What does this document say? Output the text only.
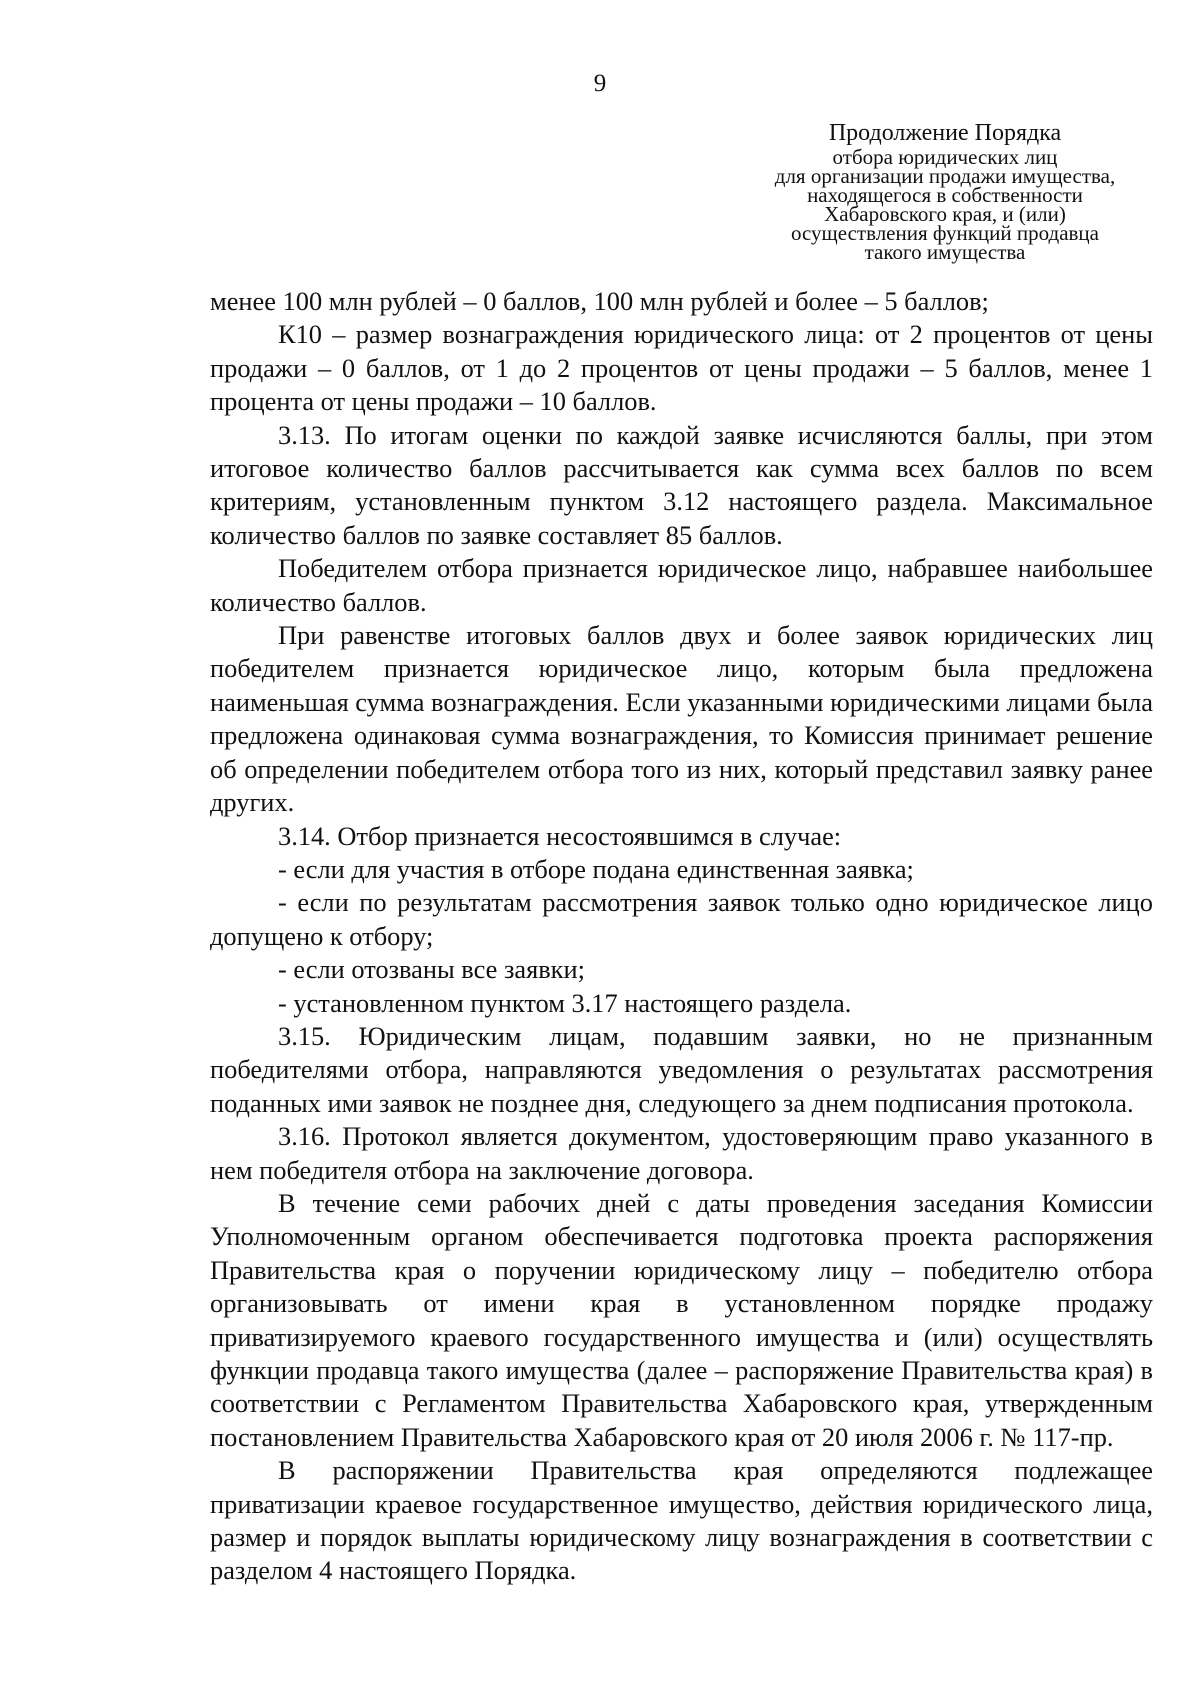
9
Продолжение Порядка
отбора юридических лиц
для организации продажи имущества,
находящегося в собственности
Хабаровского края, и (или)
осуществления функций продавца
такого имущества

менее 100 млн рублей – 0 баллов, 100 млн рублей и более – 5 баллов;

К10 – размер вознаграждения юридического лица: от 2 процентов от цены продажи – 0 баллов, от 1 до 2 процентов от цены продажи – 5 баллов, менее 1 процента от цены продажи – 10 баллов.

3.13. По итогам оценки по каждой заявке исчисляются баллы, при этом итоговое количество баллов рассчитывается как сумма всех баллов по всем критериям, установленным пунктом 3.12 настоящего раздела. Максимальное количество баллов по заявке составляет 85 баллов.

Победителем отбора признается юридическое лицо, набравшее наибольшее количество баллов.

При равенстве итоговых баллов двух и более заявок юридических лиц победителем признается юридическое лицо, которым была предложена наименьшая сумма вознаграждения. Если указанными юридическими лицами была предложена одинаковая сумма вознаграждения, то Комиссия принимает решение об определении победителем отбора того из них, который представил заявку ранее других.

3.14. Отбор признается несостоявшимся в случае:

- если для участия в отборе подана единственная заявка;

- если по результатам рассмотрения заявок только одно юридическое лицо допущено к отбору;

- если отозваны все заявки;

- установленном пунктом 3.17 настоящего раздела.

3.15. Юридическим лицам, подавшим заявки, но не признанным победителями отбора, направляются уведомления о результатах рассмотрения поданных ими заявок не позднее дня, следующего за днем подписания протокола.

3.16. Протокол является документом, удостоверяющим право указанного в нем победителя отбора на заключение договора.

В течение семи рабочих дней с даты проведения заседания Комиссии Уполномоченным органом обеспечивается подготовка проекта распоряжения Правительства края о поручении юридическому лицу – победителю отбора организовывать от имени края в установленном порядке продажу приватизируемого краевого государственного имущества и (или) осуществлять функции продавца такого имущества (далее – распоряжение Правительства края) в соответствии с Регламентом Правительства Хабаровского края, утвержденным постановлением Правительства Хабаровского края от 20 июля 2006 г. № 117-пр.

В распоряжении Правительства края определяются подлежащее приватизации краевое государственное имущество, действия юридического лица, размер и порядок выплаты юридическому лицу вознаграждения в соответствии с разделом 4 настоящего Порядка.
